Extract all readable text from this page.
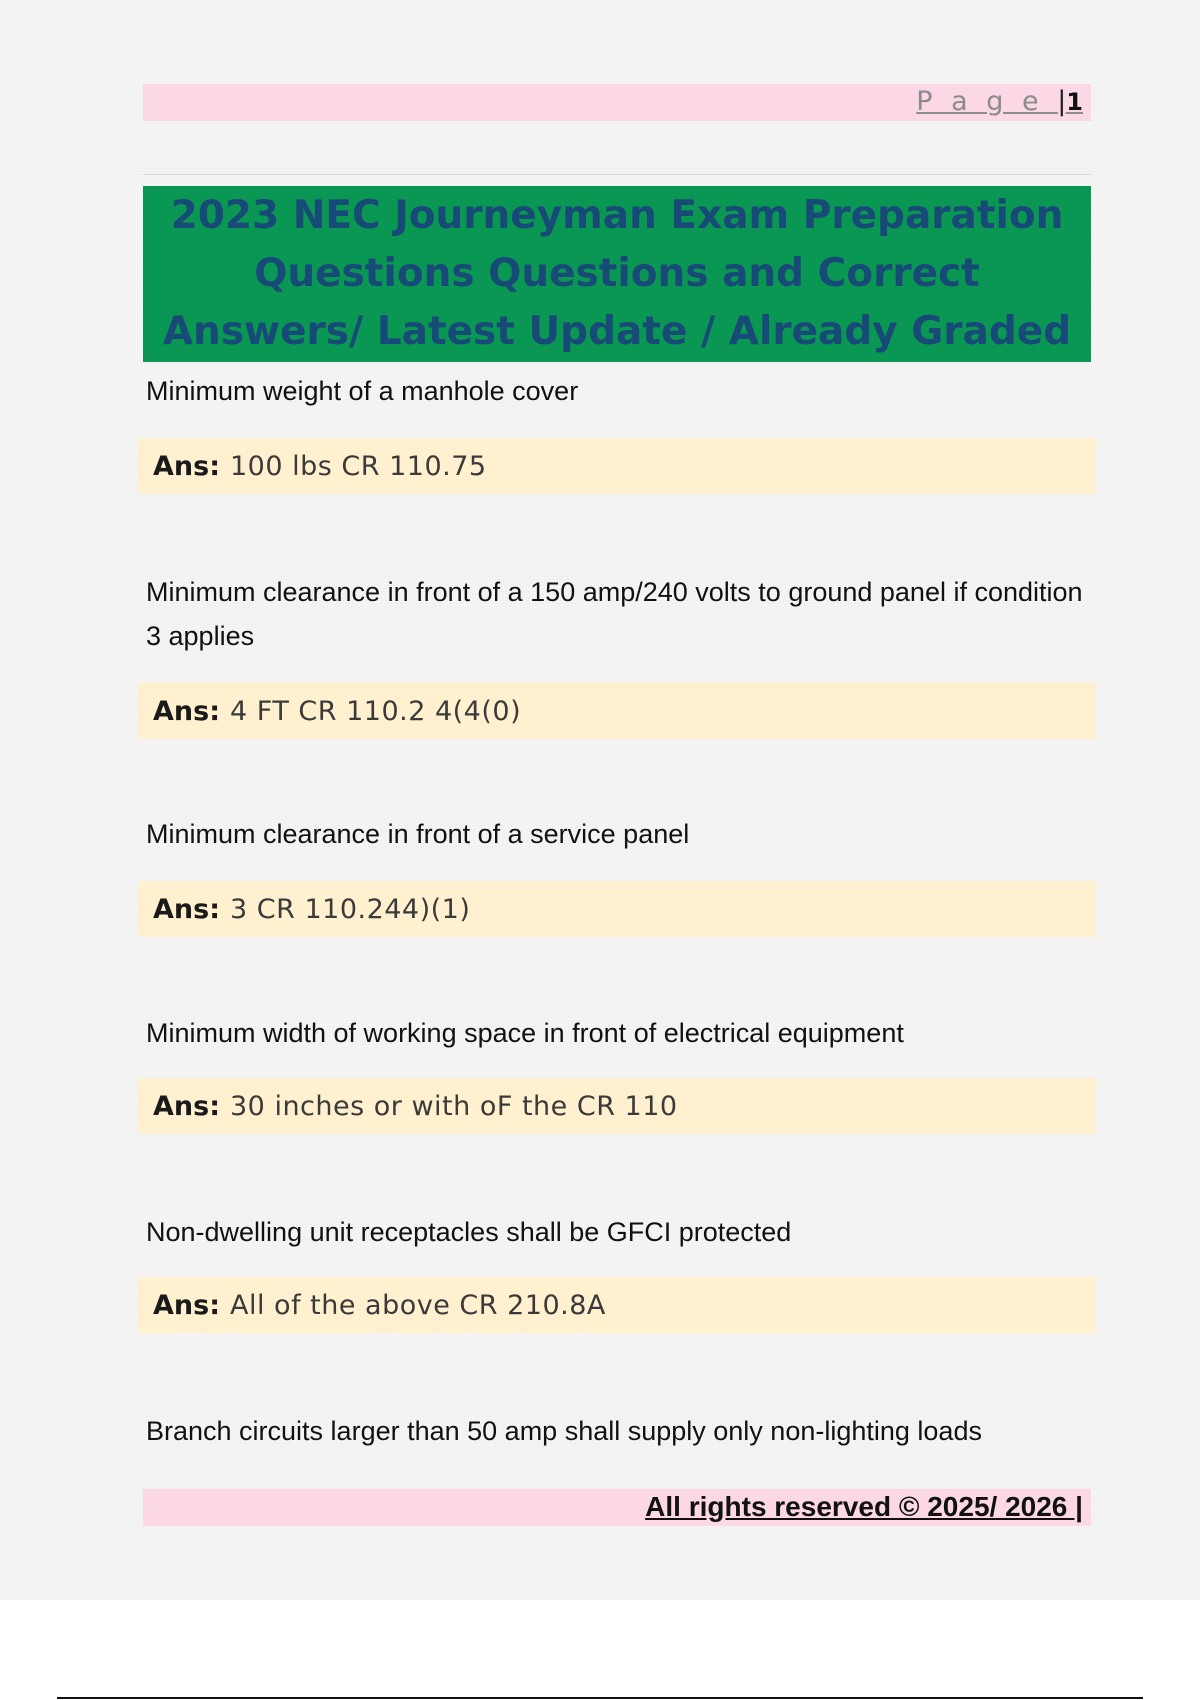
P a g e |1
2023 NEC Journeyman Exam Preparation Questions Questions and Correct Answers/ Latest Update / Already Graded
Minimum weight of a manhole cover
Ans: 100 lbs CR 110.75
Minimum clearance in front of a 150 amp/240 volts to ground panel if condition 3 applies
Ans: 4 FT CR 110.2 4(4(0)
Minimum clearance in front of a service panel
Ans: 3 CR 110.244)(1)
Minimum width of working space in front of electrical equipment
Ans: 30 inches or with oF the CR 110
Non-dwelling unit receptacles shall be GFCI protected
Ans: All of the above CR 210.8A
Branch circuits larger than 50 amp shall supply only non-lighting loads
All rights reserved © 2025/ 2026 |
